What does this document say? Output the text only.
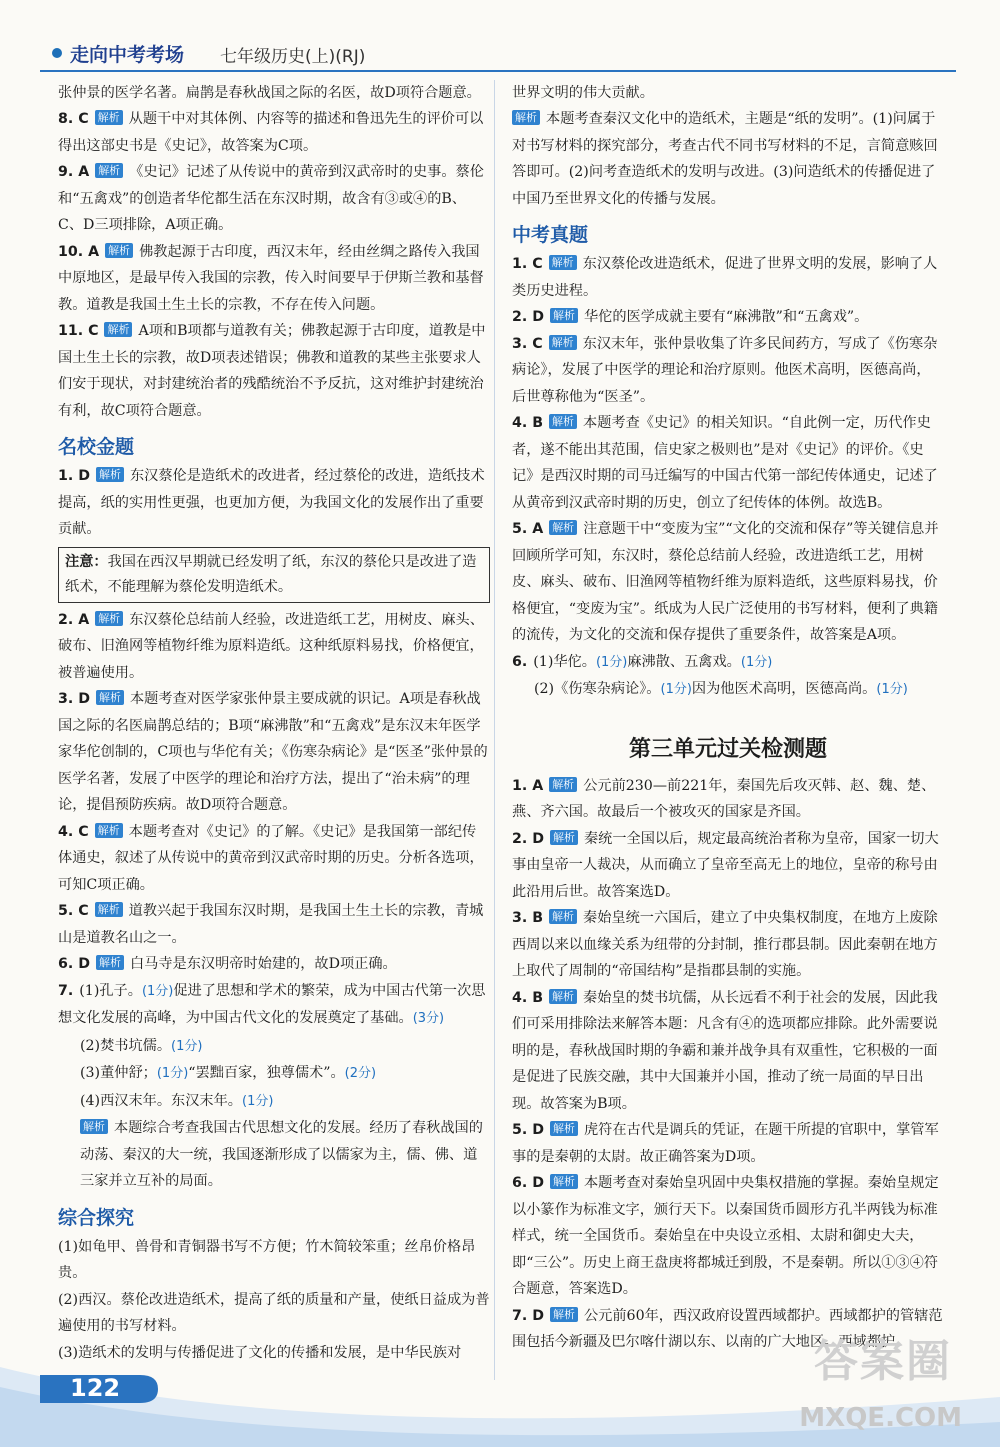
走向中考考场 七年级历史(上)(RJ)

张仲景的医学名著。扁鹊是春秋战国之际的名医，故D项符合题意。

8. C 解析 从题干中对其体例、内容等的描述和鲁迅先生的评价可以得出这部史书是《史记》，故答案为C项。
9. A 解析 《史记》记述了从传说中的黄帝到汉武帝时的史事。蔡伦和“五禽戏”的创造者华佗都生活在东汉时期，故含有③或④的B、C、D三项排除，A项正确。
10. A 解析 佛教起源于古印度，西汉末年，经由丝绸之路传入我国中原地区，是最早传入我国的宗教，传入时间要早于伊斯兰教和基督教。道教是我国土生土长的宗教，不存在传入问题。
11. C 解析 A项和B项都与道教有关；佛教起源于古印度，道教是中国土生土长的宗教，故D项表述错误；佛教和道教的某些主张要求人们安于现状，对封建统治者的残酷统治不予反抗，这对维护封建统治有利，故C项符合题意。
名校金题
1. D 解析 东汉蔡伦是造纸术的改进者，经过蔡伦的改进，造纸技术提高，纸的实用性更强，也更加方便，为我国文化的发展作出了重要贡献。
注意：我国在西汉早期就已经发明了纸，东汉的蔡伦只是改进了造纸术，不能理解为蔡伦发明造纸术。
2. A 解析 东汉蔡伦总结前人经验，改进造纸工艺，用树皮、麻头、破布、旧渔网等植物纤维为原料造纸。这种纸原料易找，价格便宜，被普遍使用。
3. D 解析 本题考查对医学家张仲景主要成就的识记。A项是春秋战国之际的名医扁鹊总结的；B项“麻沸散”和“五禽戏”是东汉末年医学家华佗创制的，C项也与华佗有关；《伤寒杂病论》是“医圣”张仲景的医学名著，发展了中医学的理论和治疗方法，提出了“治未病”的理论，提倡预防疾病。故D项符合题意。
4. C 解析 本题考查对《史记》的了解。《史记》是我国第一部纪传体通史，叙述了从传说中的黄帝到汉武帝时期的历史。分析各选项，可知C项正确。
5. C 解析 道教兴起于我国东汉时期，是我国土生土长的宗教，青城山是道教名山之一。
6. D 解析 白马寺是东汉明帝时始建的，故D项正确。
7. (1)孔子。(1分)促进了思想和学术的繁荣，成为中国古代第一次思想文化发展的高峰，为中国古代文化的发展奠定了基础。(3分)
(2)焚书坑儒。(1分)
(3)董仲舒；(1分)“罢黜百家，独尊儒术”。(2分)
(4)西汉末年。东汉末年。(1分)
解析 本题综合考查我国古代思想文化的发展。经历了春秋战国的动荡、秦汉的大一统，我国逐渐形成了以儒家为主，儒、佛、道三家并立互补的局面。
综合探究
(1)如龟甲、兽骨和青铜器书写不方便；竹木简较笨重；丝帛价格昂贵。
(2)西汉。蔡伦改进造纸术，提高了纸的质量和产量，使纸日益成为普遍使用的书写材料。
(3)造纸术的发明与传播促进了文化的传播和发展，是中华民族对

世界文明的伟大贡献。

解析 本题考查秦汉文化中的造纸术，主题是“纸的发明”。(1)问属于对书写材料的探究部分，考查古代不同书写材料的不足，言简意赅回答即可。(2)问考查造纸术的发明与改进。(3)问造纸术的传播促进了中国乃至世界文化的传播与发展。
中考真题
1. C 解析 东汉蔡伦改进造纸术，促进了世界文明的发展，影响了人类历史进程。
2. D 解析 华佗的医学成就主要有“麻沸散”和“五禽戏”。
3. C 解析 东汉末年，张仲景收集了许多民间药方，写成了《伤寒杂病论》，发展了中医学的理论和治疗原则。他医术高明，医德高尚，后世尊称他为“医圣”。
4. B 解析 本题考查《史记》的相关知识。“自此例一定，历代作史者，遂不能出其范围，信史家之极则也”是对《史记》的评价。《史记》是西汉时期的司马迁编写的中国古代第一部纪传体通史，记述了从黄帝到汉武帝时期的历史，创立了纪传体的体例。故选B。
5. A 解析 注意题干中“变废为宝”“文化的交流和保存”等关键信息并回顾所学可知，东汉时，蔡伦总结前人经验，改进造纸工艺，用树皮、麻头、破布、旧渔网等植物纤维为原料造纸，这些原料易找，价格便宜，“变废为宝”。纸成为人民广泛使用的书写材料，便利了典籍的流传，为文化的交流和保存提供了重要条件，故答案是A项。
6. (1)华佗。(1分)麻沸散、五禽戏。(1分)
(2)《伤寒杂病论》。(1分)因为他医术高明，医德高尚。(1分)
第三单元过关检测题
1. A 解析 公元前230—前221年，秦国先后攻灭韩、赵、魏、楚、燕、齐六国。故最后一个被攻灭的国家是齐国。
2. D 解析 秦统一全国以后，规定最高统治者称为皇帝，国家一切大事由皇帝一人裁决，从而确立了皇帝至高无上的地位，皇帝的称号由此沿用后世。故答案选D。
3. B 解析 秦始皇统一六国后，建立了中央集权制度，在地方上废除西周以来以血缘关系为纽带的分封制，推行郡县制。因此秦朝在地方上取代了周制的“帝国结构”是指郡县制的实施。
4. B 解析 秦始皇的焚书坑儒，从长远看不利于社会的发展，因此我们可采用排除法来解答本题：凡含有④的选项都应排除。此外需要说明的是，春秋战国时期的争霸和兼并战争具有双重性，它积极的一面是促进了民族交融，其中大国兼并小国，推动了统一局面的早日出现。故答案为B项。
5. D 解析 虎符在古代是调兵的凭证，在题干所提的官职中，掌管军事的是秦朝的太尉。故正确答案为D项。
6. D 解析 本题考查对秦始皇巩固中央集权措施的掌握。秦始皇规定以小篆作为标准文字，颁行天下。以秦国货币圆形方孔半两钱为标准样式，统一全国货币。秦始皇在中央设立丞相、太尉和御史大夫，即“三公”。历史上商王盘庚将都城迁到殷，不是秦朝。所以①③④符合题意，答案选D。
7. D 解析 公元前60年，西汉政府设置西域都护。西域都护的管辖范围包括今新疆及巴尔喀什湖以东、以南的广大地区。西域都护
122
答案圈
MXQE.COM
